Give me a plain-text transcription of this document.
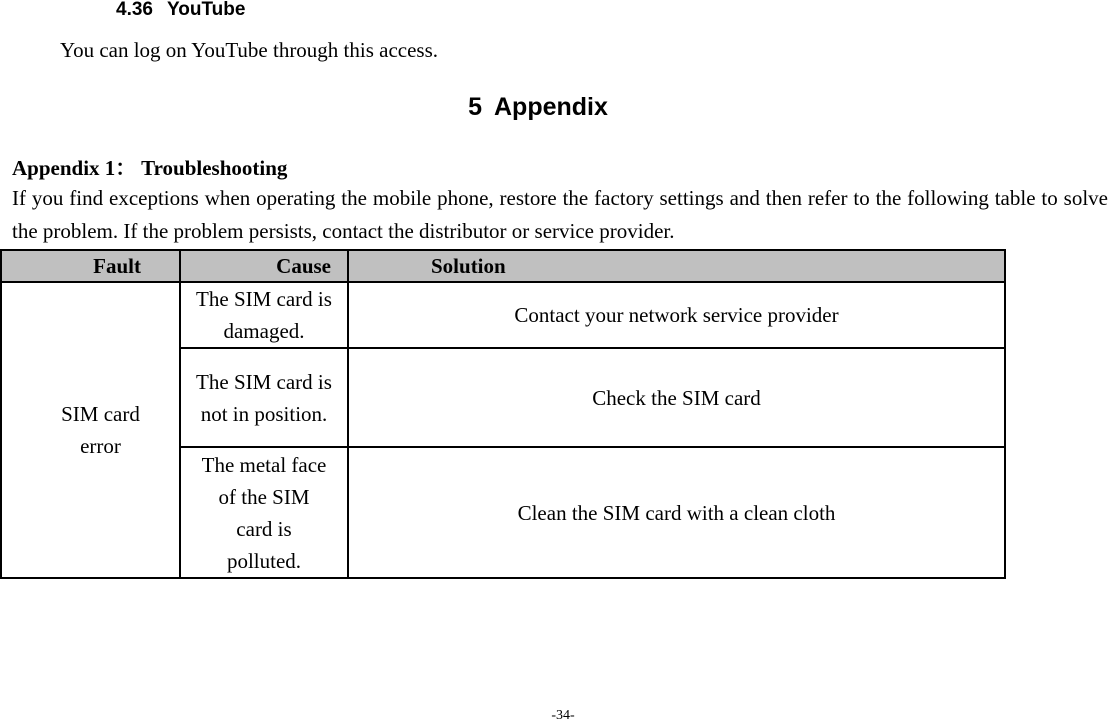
4.36 YouTube
You can log on YouTube through this access.
5 Appendix
Appendix 1： Troubleshooting
If you find exceptions when operating the mobile phone, restore the factory settings and then refer to the following table to solve the problem. If the problem persists, contact the distributor or service provider.
Fault	Cause	Solution
SIM card error	The SIM card is damaged.	Contact your network service provider
	The SIM card is not in position.	Check the SIM card
	The metal face of the SIM card is polluted.	Clean the SIM card with a clean cloth
-34-
